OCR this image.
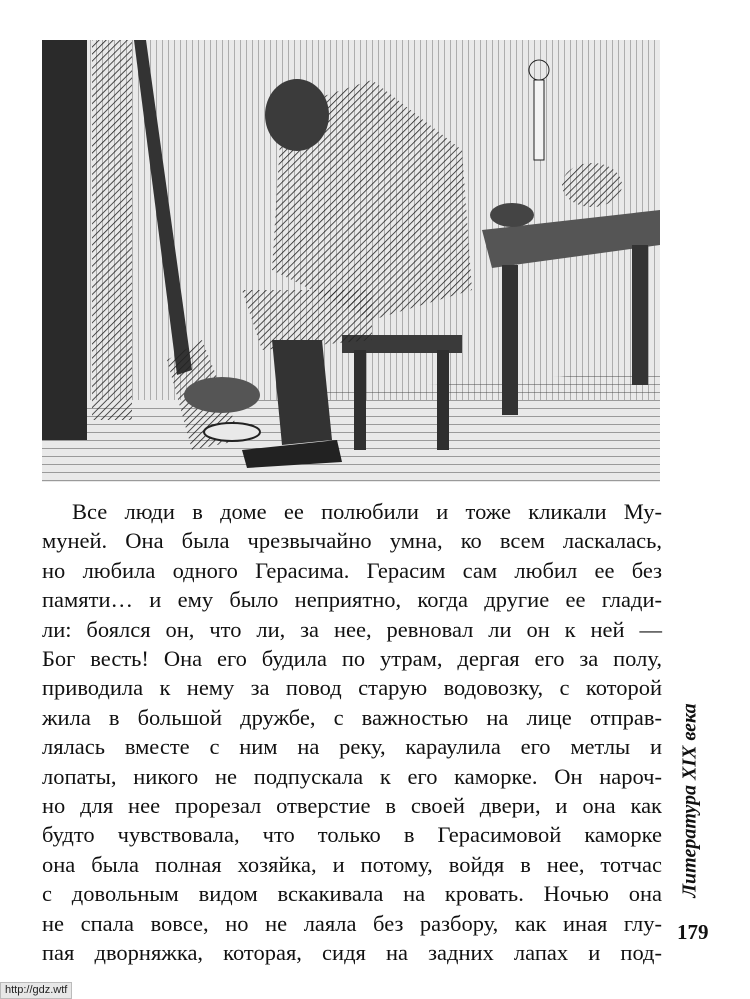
Все люди в доме ее полюбили и тоже кликали Му-
муней. Она была чрезвычайно умна, ко всем ласкалась,
но любила одного Герасима. Герасим сам любил ее без
памяти… и ему было неприятно, когда другие ее глади-
ли: боялся он, что ли, за нее, ревновал ли он к ней —
Бог весть! Она его будила по утрам, дергая его за полу,
приводила к нему за повод старую водовозку, с которой
жила в большой дружбе, с важностью на лице отправ-
лялась вместе с ним на реку, караулила его метлы и
лопаты, никого не подпускала к его каморке. Он нароч-
но для нее прорезал отверстие в своей двери, и она как
будто чувствовала, что только в Герасимовой каморке
она была полная хозяйка, и потому, войдя в нее, тотчас
с довольным видом вскакивала на кровать. Ночью она
не спала вовсе, но не лаяла без разбору, как иная глу-
пая дворняжка, которая, сидя на задних лапах и под-
Литература XIX века
179
http://gdz.wtf
